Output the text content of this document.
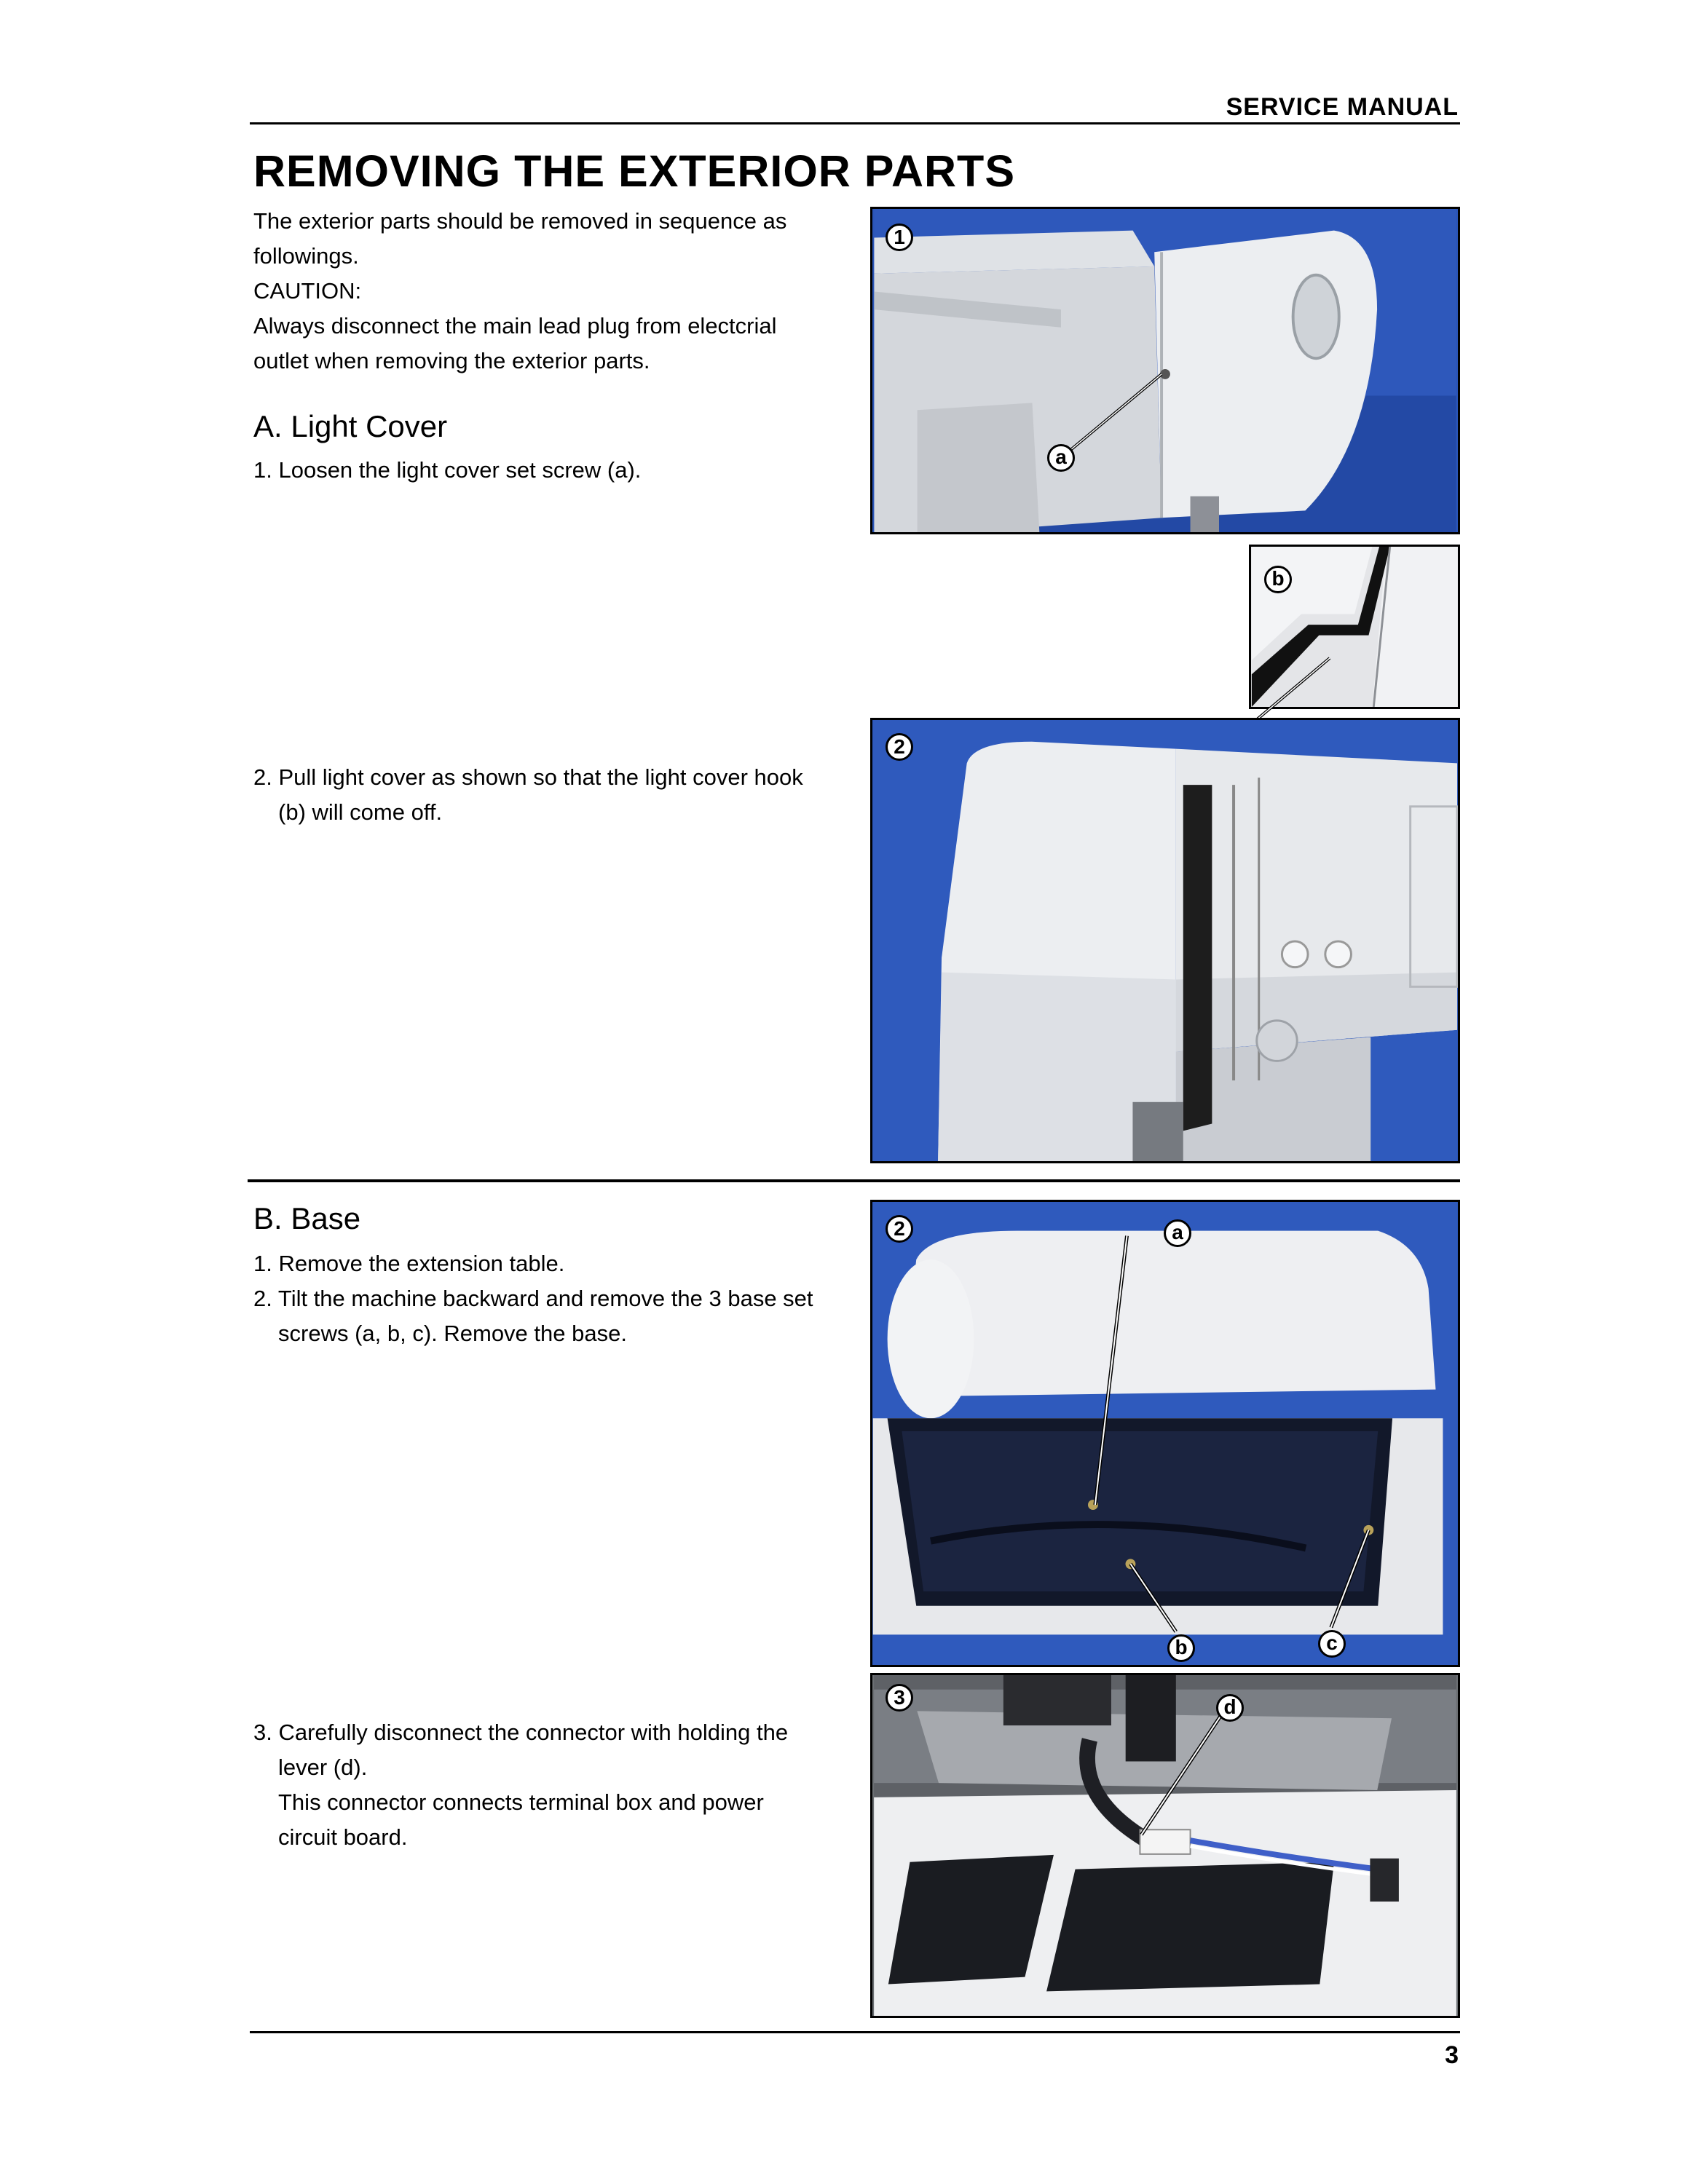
SERVICE MANUAL
REMOVING THE EXTERIOR PARTS
The exterior parts should be removed in sequence as
followings.
CAUTION:
Always disconnect the main lead plug from electcrial
outlet when removing the exterior parts.
A. Light Cover
1. Loosen the light cover set screw (a).
2. Pull light cover as shown so that the light cover hook
(b) will come off.
1
a
b
2
B. Base
1. Remove the extension table.
2. Tilt the machine backward and remove the 3 base set
screws (a, b, c). Remove the base.
3. Carefully disconnect the connector with holding the
lever (d).
This connector connects terminal box and power
circuit board.
2	a
b	c
3	d
3
